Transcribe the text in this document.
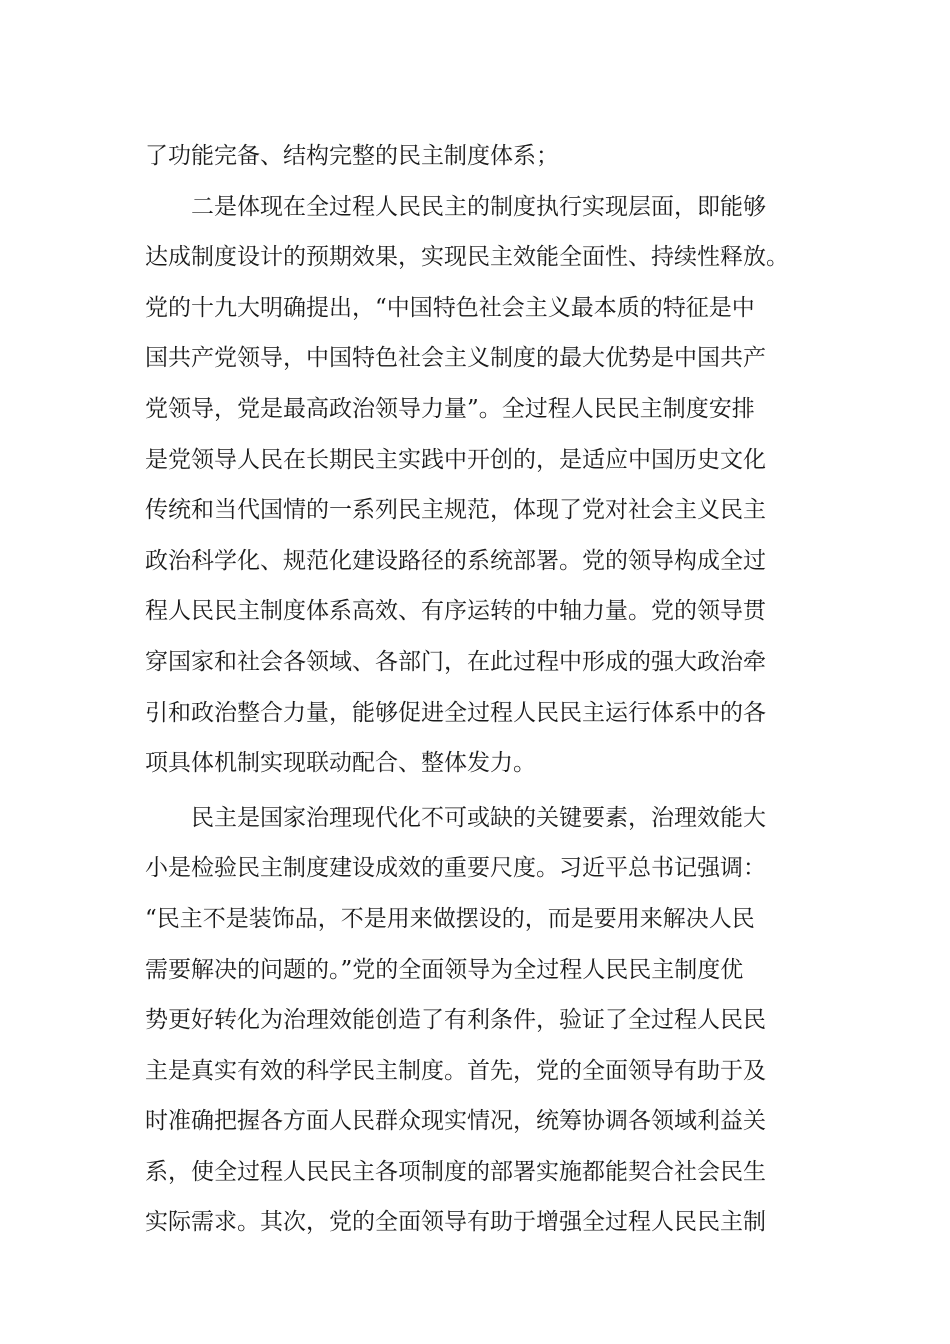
了功能完备、结构完整的民主制度体系；
二是体现在全过程人民民主的制度执行实现层面，即能够
达成制度设计的预期效果，实现民主效能全面性、持续性释放。
党的十九大明确提出，“中国特色社会主义最本质的特征是中
国共产党领导，中国特色社会主义制度的最大优势是中国共产
党领导，党是最高政治领导力量”。全过程人民民主制度安排
是党领导人民在长期民主实践中开创的，是适应中国历史文化
传统和当代国情的一系列民主规范，体现了党对社会主义民主
政治科学化、规范化建设路径的系统部署。党的领导构成全过
程人民民主制度体系高效、有序运转的中轴力量。党的领导贯
穿国家和社会各领域、各部门，在此过程中形成的强大政治牵
引和政治整合力量，能够促进全过程人民民主运行体系中的各
项具体机制实现联动配合、整体发力。
民主是国家治理现代化不可或缺的关键要素，治理效能大
小是检验民主制度建设成效的重要尺度。习近平总书记强调：
“民主不是装饰品，不是用来做摆设的，而是要用来解决人民
需要解决的问题的。”党的全面领导为全过程人民民主制度优
势更好转化为治理效能创造了有利条件，验证了全过程人民民
主是真实有效的科学民主制度。首先，党的全面领导有助于及
时准确把握各方面人民群众现实情况，统筹协调各领域利益关
系，使全过程人民民主各项制度的部署实施都能契合社会民生
实际需求。其次，党的全面领导有助于增强全过程人民民主制
